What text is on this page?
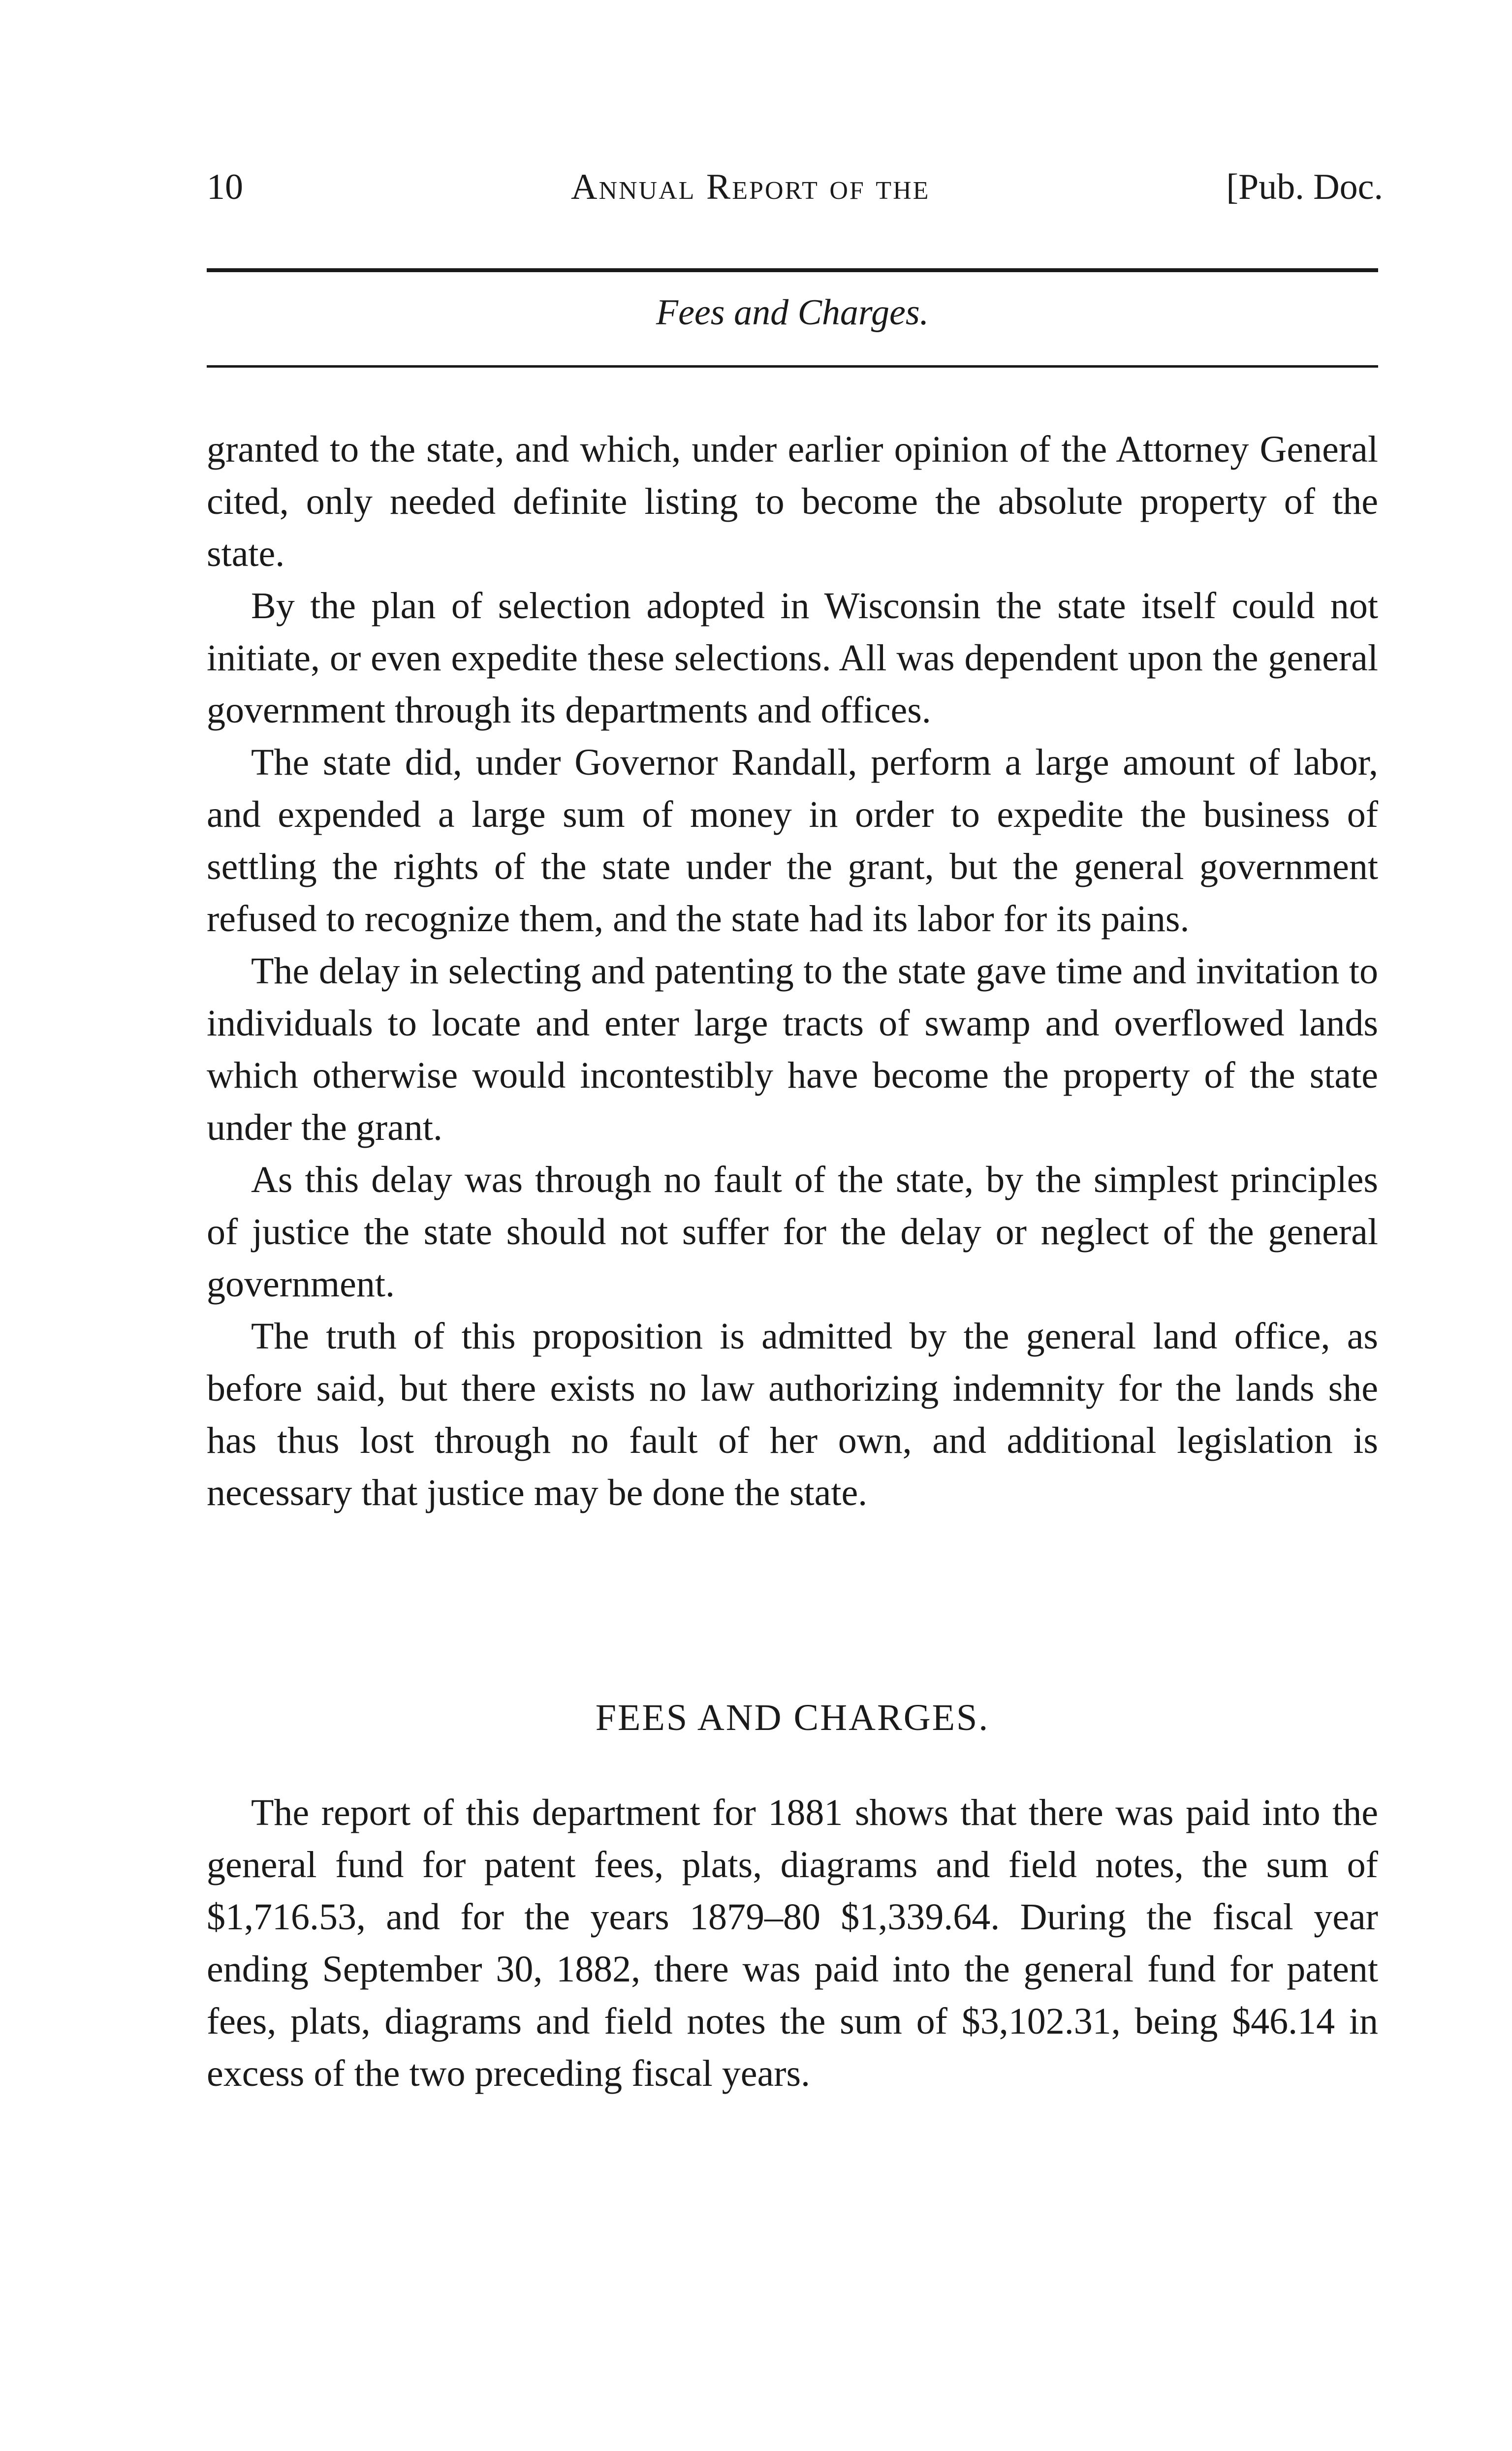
10	Annual Report of the	[Pub. Doc.
Fees and Charges.

granted to the state, and which, under earlier opinion of the Attorney General cited, only needed definite listing to become the absolute property of the state.

By the plan of selection adopted in Wisconsin the state itself could not initiate, or even expedite these selections. All was dependent upon the general government through its departments and offices.

The state did, under Governor Randall, perform a large amount of labor, and expended a large sum of money in order to expedite the business of settling the rights of the state under the grant, but the general government refused to recognize them, and the state had its labor for its pains.

The delay in selecting and patenting to the state gave time and invitation to individuals to locate and enter large tracts of swamp and overflowed lands which otherwise would incontestibly have become the property of the state under the grant.

As this delay was through no fault of the state, by the simplest principles of justice the state should not suffer for the delay or neglect of the general government.

The truth of this proposition is admitted by the general land office, as before said, but there exists no law authorizing indemnity for the lands she has thus lost through no fault of her own, and additional legislation is necessary that justice may be done the state.

FEES AND CHARGES.

The report of this department for 1881 shows that there was paid into the general fund for patent fees, plats, diagrams and field notes, the sum of $1,716.53, and for the years 1879–80 $1,339.64. During the fiscal year ending September 30, 1882, there was paid into the general fund for patent fees, plats, diagrams and field notes the sum of $3,102.31, being $46.14 in excess of the two preceding fiscal years.
